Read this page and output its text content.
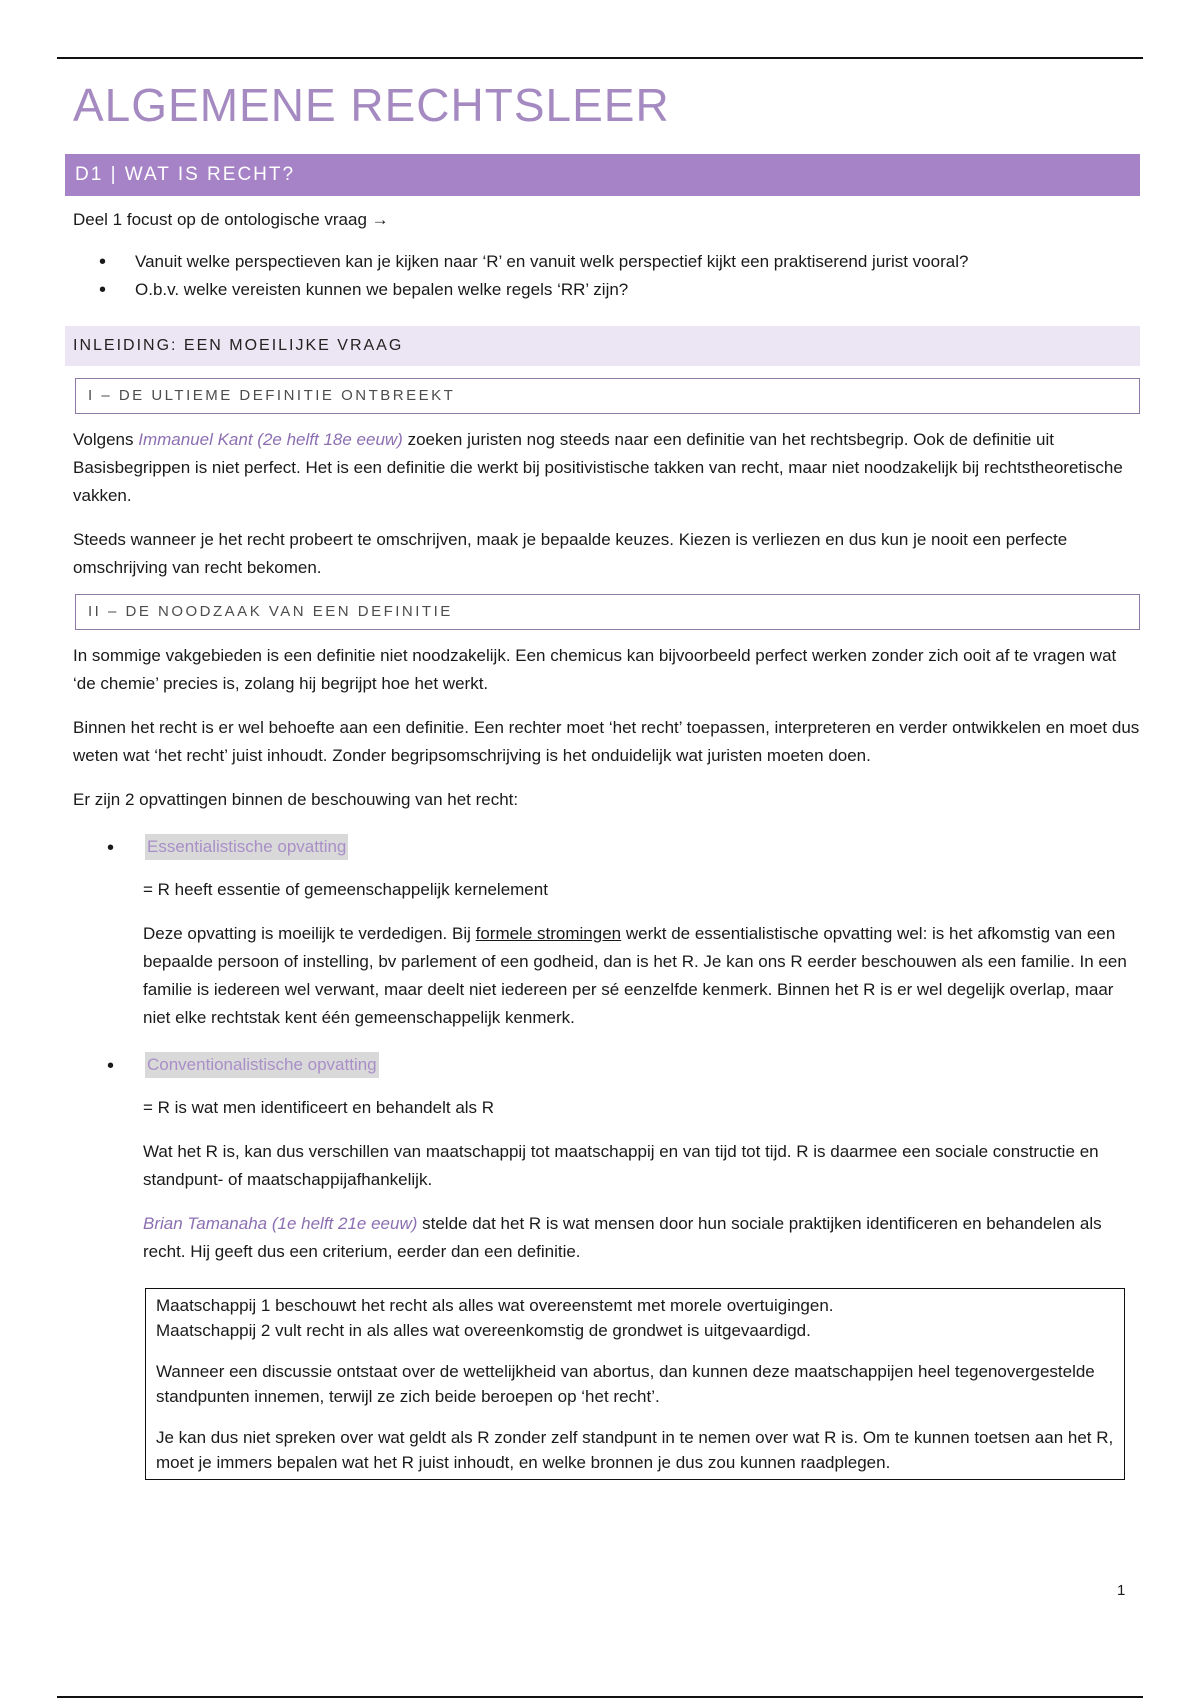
ALGEMENE RECHTSLEER
D1 | WAT IS RECHT?

Deel 1 focust op de ontologische vraag →

• Vanuit welke perspectieven kan je kijken naar ‘R’ en vanuit welk perspectief kijkt een praktiserend jurist vooral?
• O.b.v. welke vereisten kunnen we bepalen welke regels ‘RR’ zijn?
INLEIDING: EEN MOEILIJKE VRAAG
I – DE ULTIEME DEFINITIE ONTBREEKT

Volgens Immanuel Kant (2e helft 18e eeuw) zoeken juristen nog steeds naar een definitie van het rechtsbegrip. Ook de definitie uit Basisbegrippen is niet perfect. Het is een definitie die werkt bij positivistische takken van recht, maar niet noodzakelijk bij rechtstheoretische vakken.

Steeds wanneer je het recht probeert te omschrijven, maak je bepaalde keuzes. Kiezen is verliezen en dus kun je nooit een perfecte omschrijving van recht bekomen.

II – DE NOODZAAK VAN EEN DEFINITIE

In sommige vakgebieden is een definitie niet noodzakelijk. Een chemicus kan bijvoorbeeld perfect werken zonder zich ooit af te vragen wat ‘de chemie’ precies is, zolang hij begrijpt hoe het werkt.

Binnen het recht is er wel behoefte aan een definitie. Een rechter moet ‘het recht’ toepassen, interpreteren en verder ontwikkelen en moet dus weten wat ‘het recht’ juist inhoudt. Zonder begripsomschrijving is het onduidelijk wat juristen moeten doen.

Er zijn 2 opvattingen binnen de beschouwing van het recht:

• Essentialistische opvatting

= R heeft essentie of gemeenschappelijk kernelement

Deze opvatting is moeilijk te verdedigen. Bij formele stromingen werkt de essentialistische opvatting wel: is het afkomstig van een bepaalde persoon of instelling, bv parlement of een godheid, dan is het R. Je kan ons R eerder beschouwen als een familie. In een familie is iedereen wel verwant, maar deelt niet iedereen per sé eenzelfde kenmerk. Binnen het R is er wel degelijk overlap, maar niet elke rechtstak kent één gemeenschappelijk kenmerk.

• Conventionalistische opvatting

= R is wat men identificeert en behandelt als R

Wat het R is, kan dus verschillen van maatschappij tot maatschappij en van tijd tot tijd. R is daarmee een sociale constructie en standpunt- of maatschappijafhankelijk.

Brian Tamanaha (1e helft 21e eeuw) stelde dat het R is wat mensen door hun sociale praktijken identificeren en behandelen als recht. Hij geeft dus een criterium, eerder dan een definitie.

Maatschappij 1 beschouwt het recht als alles wat overeenstemt met morele overtuigingen.

Maatschappij 2 vult recht in als alles wat overeenkomstig de grondwet is uitgevaardigd.

Wanneer een discussie ontstaat over de wettelijkheid van abortus, dan kunnen deze maatschappijen heel tegenovergestelde standpunten innemen, terwijl ze zich beide beroepen op ‘het recht’.

Je kan dus niet spreken over wat geldt als R zonder zelf standpunt in te nemen over wat R is. Om te kunnen toetsen aan het R, moet je immers bepalen wat het R juist inhoudt, en welke bronnen je dus zou kunnen raadplegen.

1
